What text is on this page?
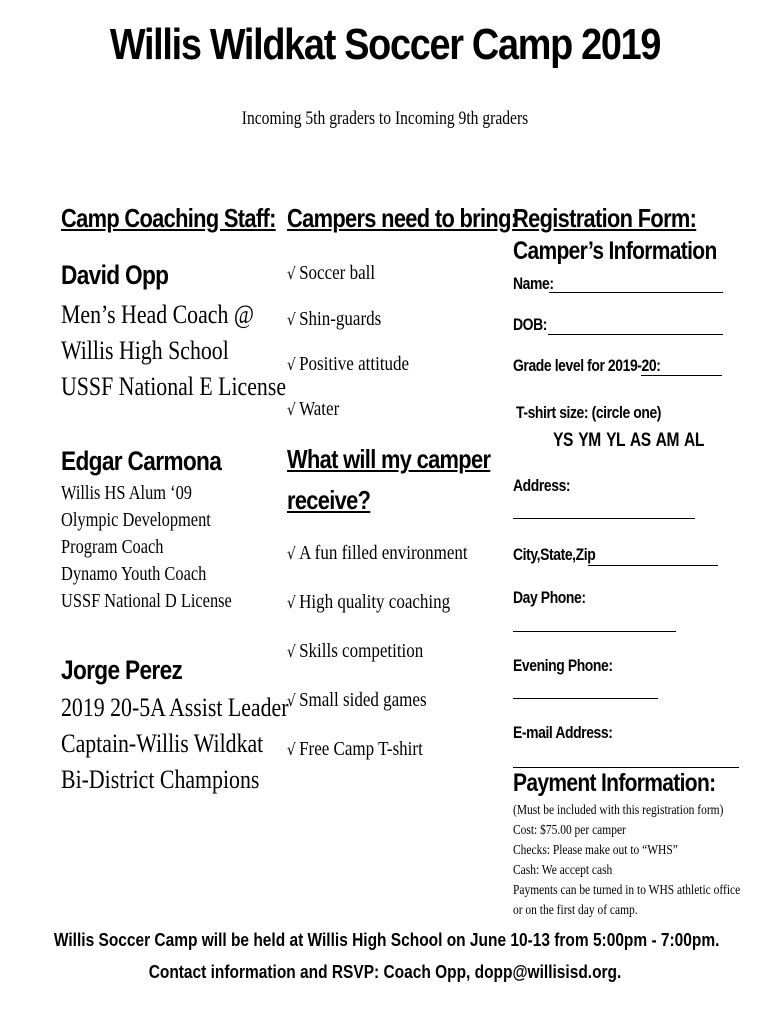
Willis Wildkat Soccer Camp 2019
Incoming 5th graders to Incoming 9th graders
Camp Coaching Staff:
David Opp
Men’s Head Coach @
Willis High School
USSF National E License
Edgar Carmona
Willis HS Alum ‘09
Olympic Development
Program Coach
Dynamo Youth Coach
USSF National D License
Jorge Perez
2019 20-5A Assist Leader
Captain-Willis Wildkat
Bi-District Champions
Campers need to bring:
√ Soccer ball
√ Shin-guards
√ Positive attitude
√ Water
What will my camper
receive?
√ A fun filled environment
√ High quality coaching
√ Skills competition
√ Small sided games
√ Free Camp T-shirt
Registration Form:
Camper’s Information
Name:
DOB:
Grade level for 2019-20:
T-shirt size: (circle one)
YS YM YL AS AM AL
Address:
City,State,Zip
Day Phone:
Evening Phone:
E-mail Address:
Payment Information:
(Must be included with this registration form)
Cost: $75.00 per camper
Checks: Please make out to “WHS”
Cash: We accept cash
Payments can be turned in to WHS athletic office
or on the first day of camp.
Willis Soccer Camp will be held at Willis High School on June 10-13 from 5:00pm - 7:00pm.
Contact information and RSVP: Coach Opp, dopp@willisisd.org.
